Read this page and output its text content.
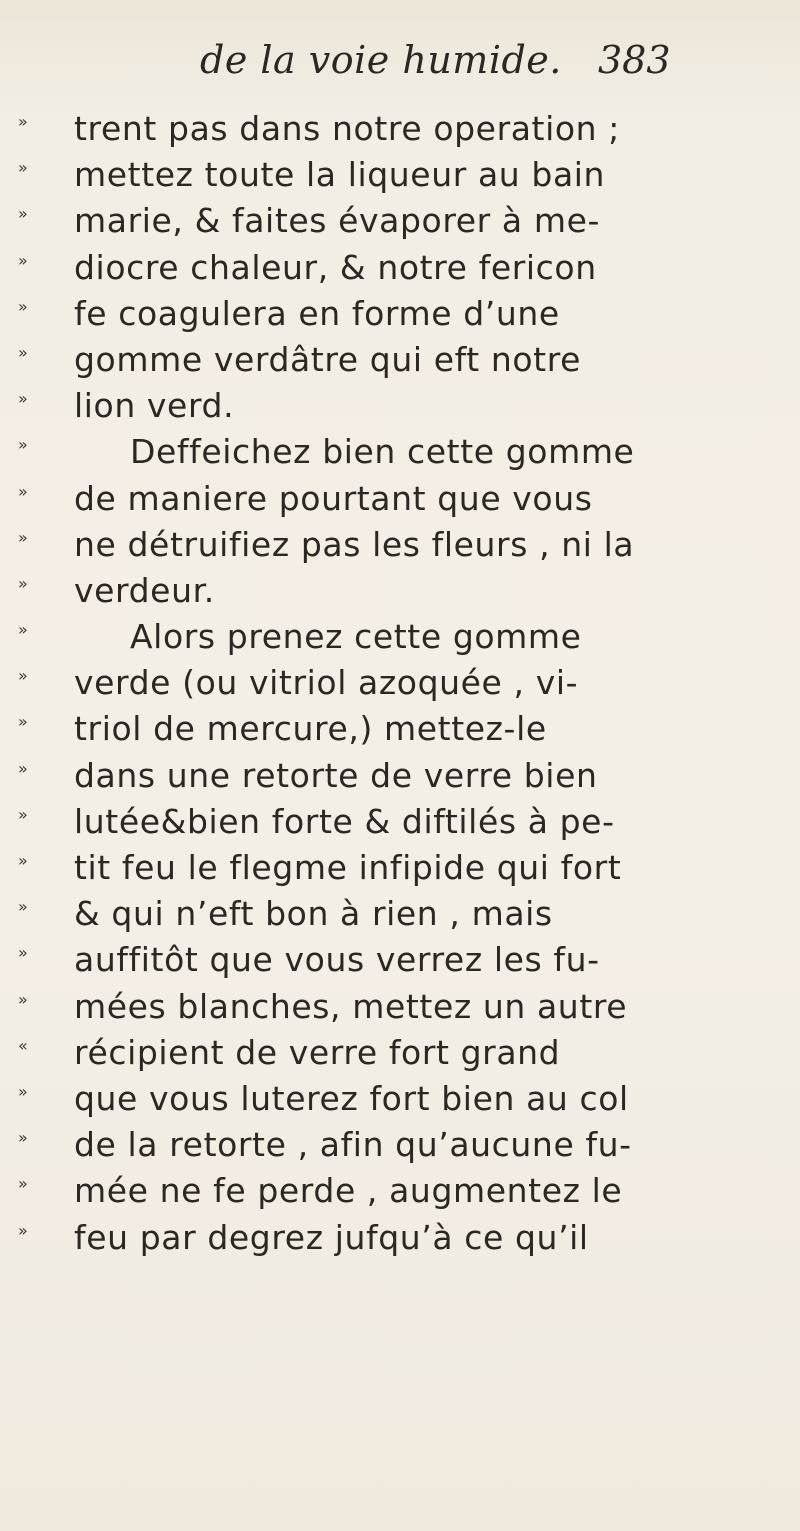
de la voie humide. 383
»	trent pas dans notre operation ;
»	mettez toute la liqueur au bain
»	marie, & faites évaporer à me-
»	diocre chaleur, & notre fericon
»	fe coagulera en forme d’une
»	gomme verdâtre qui eft notre
»	lion verd.
»	Deffeichez bien cette gomme
»	de maniere pourtant que vous
»	ne détruifiez pas les fleurs , ni la
»	verdeur.
»	Alors prenez cette gomme
»	verde (ou vitriol azoquée , vi-
»	triol de mercure,) mettez-le
»	dans une retorte de verre bien
»	lutée&bien forte & diftilés à pe-
»	tit feu le flegme infipide qui fort
»	& qui n’eft bon à rien , mais
»	auffitôt que vous verrez les fu-
»	mées blanches, mettez un autre
«	récipient de verre fort grand
»	que vous luterez fort bien au col
»	de la retorte , afin qu’aucune fu-
»	mée ne fe perde , augmentez le
»	feu par degrez jufqu’à ce qu’il
